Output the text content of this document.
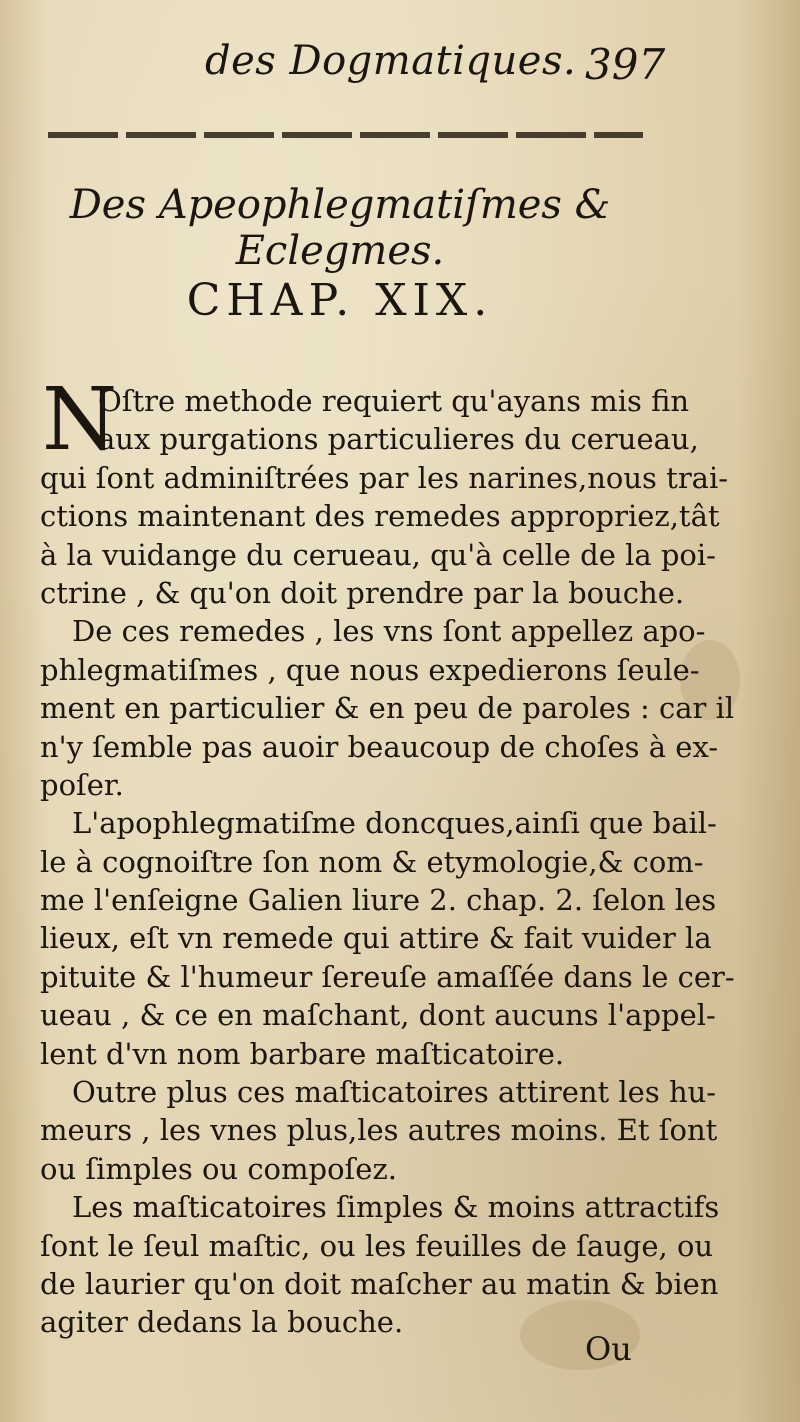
des Dogmatiques. 397
Des Apeophlegmatiſmes & Eclegmes.
CHAP. XIX.
N
Oſtre methode requiert qu'ayans mis fin
aux purgations particulieres du cerueau,
qui ſont adminiſtrées par les narines,nous trai-
ctions maintenant des remedes appropriez,tât
à la vuidange du cerueau, qu'à celle de la poi-
ctrine , & qu'on doit prendre par la bouche.
De ces remedes , les vns ſont appellez apo-
phlegmatiſmes , que nous expedierons ſeule-
ment en particulier & en peu de paroles : car il
n'y ſemble pas auoir beaucoup de choſes à ex-
poſer.
L'apophlegmatiſme doncques,ainſi que bail-
le à cognoiſtre ſon nom & etymologie,& com-
me l'enſeigne Galien liure 2. chap. 2. ſelon les
lieux, eſt vn remede qui attire & fait vuider la
pituite & l'humeur ſereuſe amaſſée dans le cer-
ueau , & ce en maſchant, dont aucuns l'appel-
lent d'vn nom barbare maſticatoire.
Outre plus ces maſticatoires attirent les hu-
meurs , les vnes plus,les autres moins. Et ſont
ou ſimples ou compoſez.
Les maſticatoires ſimples & moins attractifs
ſont le ſeul maſtic, ou les feuilles de ſauge, ou
de laurier qu'on doit maſcher au matin & bien
agiter dedans la bouche.
Ou
